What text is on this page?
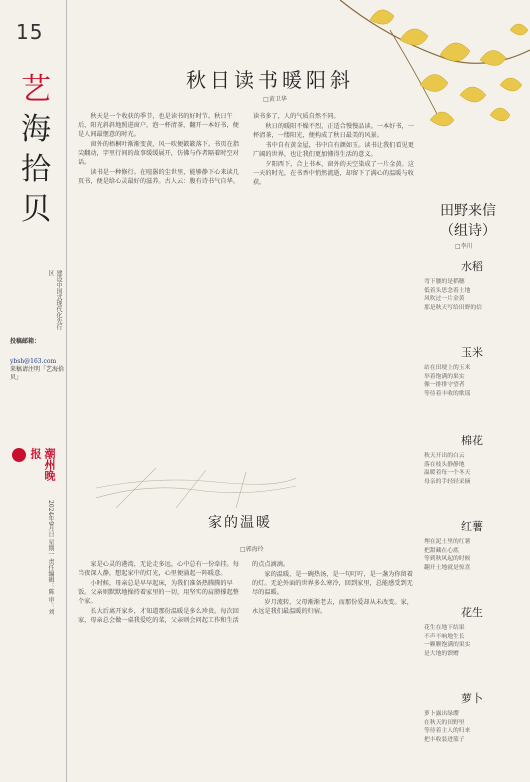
15
艺
海
拾
贝
建设中国式现代化先行区
投稿邮箱：
ybsh@163.com
来稿请注明「艺海拾贝」
潮州晚报
2024年9月日 星期一 责任编辑：陈 审：刘
秋日读书暖阳斜
□黄卫华

秋天是一个收获的季节，也是读书的好时节。秋日午后，阳光斜斜地照进窗户，泡一杯清茶，翻开一本好书，便是人间最惬意的时光。

窗外的梧桐叶渐渐变黄，风一吹便簌簌落下。书页在指尖翻动，字里行间的故事缓缓展开，仿佛与作者隔着时空对话。

读书是一种修行。在喧嚣的尘世里，能够静下心来读几页书，便是给心灵最好的滋养。古人云：腹有诗书气自华。读书多了，人的气质自然不同。

秋日的暖阳不燥不烈，正适合慢慢品读。一本好书，一杯清茶，一缕阳光，便构成了秋日最美的风景。

书中自有黄金屋，书中自有颜如玉。读书让我们看见更广阔的世界，也让我们更加懂得生活的意义。

夕阳西下，合上书本，窗外的天空染成了一片金黄。这一天的时光，在书香中悄然流逝，却留下了满心的温暖与收获。

田野来信
（组诗）
□李川
水稻
弯下腰的是稻穗
低着头思念着土地
风吹过一片金黄
那是秋天写给田野的信
玉米
站在田埂上的玉米
举着饱满的果实
像一排排守望者
等待着丰收的歌谣
棉花
秋天开出的白云
落在枝头静静地
温暖着每一个冬天
母亲的手轻轻采摘
红薯
埋在泥土里的红薯
把甜藏在心底
等到秋风起的时候
翻开土地就是惊喜
花生
花生在地下结果
不声不响地生长
一颗颗饱满的果实
是大地的馈赠
萝卜
萝卜露出绿缨
在秋天的田野里
等待着主人的归来
把丰收装进篮子
家的温暖
□郭海玲

家是心灵的港湾，无论走多远，心中总有一份牵挂。每当夜深人静，想起家中的灯光，心里便涌起一阵暖意。

小时候，母亲总是早早起床，为我们准备热腾腾的早饭。父亲则默默地操持着家里的一切，用坚实的肩膀撑起整个家。

长大后离开家乡，才知道那份温暖是多么珍贵。每次回家，母亲总会做一桌我爱吃的菜，父亲则会问起工作和生活的点点滴滴。

家的温暖，是一碗热汤，是一句叮咛，是一盏为你留着的灯。无论外面的世界多么寒冷，回到家里，总能感受到无尽的温暖。

岁月流转，父母渐渐老去，而那份爱却从未改变。家，永远是我们最温暖的归宿。
